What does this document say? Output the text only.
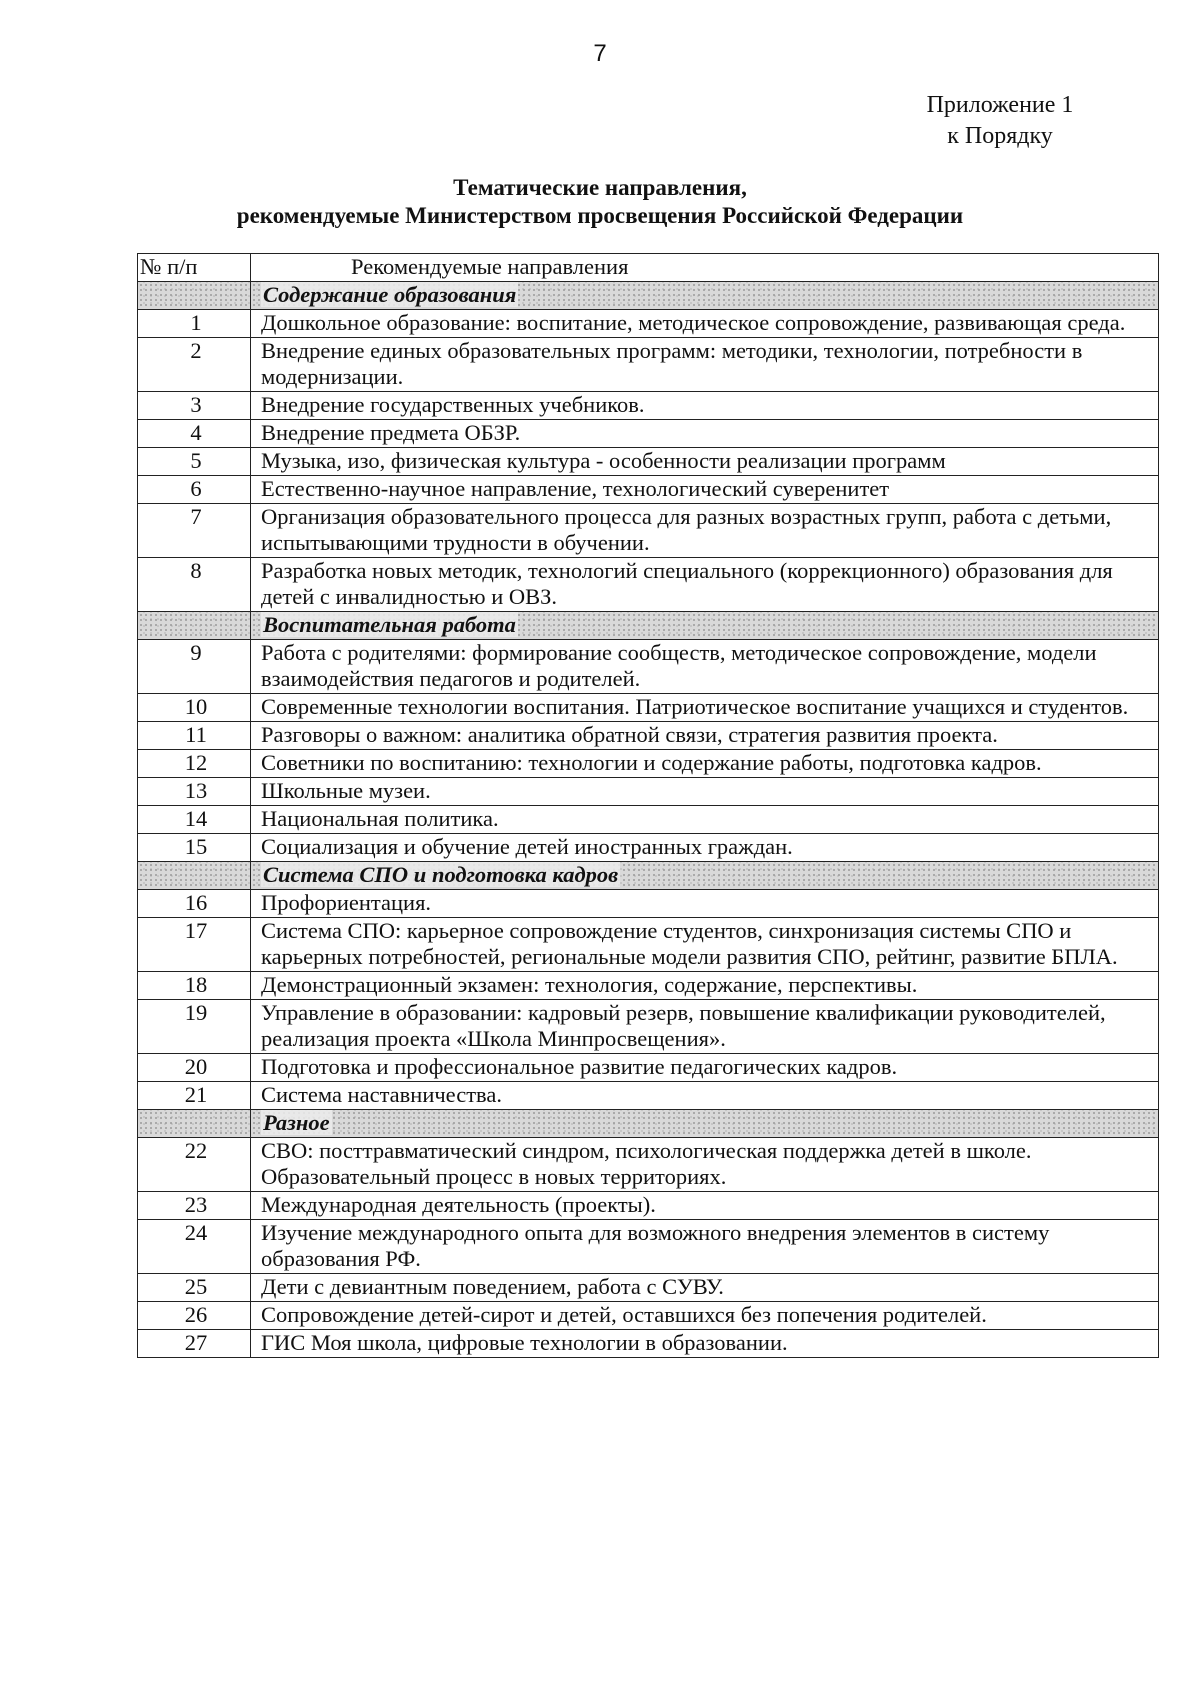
7
Приложение 1
к Порядку
Тематические направления,
рекомендуемые Министерством просвещения Российской Федерации
№ п/п	Рекомендуемые направления
	Содержание образования
1	Дошкольное образование: воспитание, методическое сопровождение, развивающая среда.
2	Внедрение единых образовательных программ: методики, технологии, потребности в модернизации.
3	Внедрение государственных учебников.
4	Внедрение предмета ОБЗР.
5	Музыка, изо, физическая культура - особенности реализации программ
6	Естественно-научное направление, технологический суверенитет
7	Организация образовательного процесса для разных возрастных групп, работа с детьми, испытывающими трудности в обучении.
8	Разработка новых методик, технологий специального (коррекционного) образования для детей с инвалидностью и ОВЗ.
	Воспитательная работа
9	Работа с родителями: формирование сообществ, методическое сопровождение, модели взаимодействия педагогов и родителей.
10	Современные технологии воспитания. Патриотическое воспитание учащихся и студентов.
11	Разговоры о важном: аналитика обратной связи, стратегия развития проекта.
12	Советники по воспитанию: технологии и содержание работы, подготовка кадров.
13	Школьные музеи.
14	Национальная политика.
15	Социализация и обучение детей иностранных граждан.
	Система СПО и подготовка кадров
16	Профориентация.
17	Система СПО: карьерное сопровождение студентов, синхронизация системы СПО и карьерных потребностей, региональные модели развития СПО, рейтинг, развитие БПЛА.
18	Демонстрационный экзамен: технология, содержание, перспективы.
19	Управление в образовании: кадровый резерв, повышение квалификации руководителей, реализация проекта «Школа Минпросвещения».
20	Подготовка и профессиональное развитие педагогических кадров.
21	Система наставничества.
	Разное
22	СВО: посттравматический синдром, психологическая поддержка детей в школе. Образовательный процесс в новых территориях.
23	Международная деятельность (проекты).
24	Изучение международного опыта для возможного внедрения элементов в систему образования РФ.
25	Дети с девиантным поведением, работа с СУВУ.
26	Сопровождение детей-сирот и детей, оставшихся без попечения родителей.
27	ГИС Моя школа, цифровые технологии в образовании.
